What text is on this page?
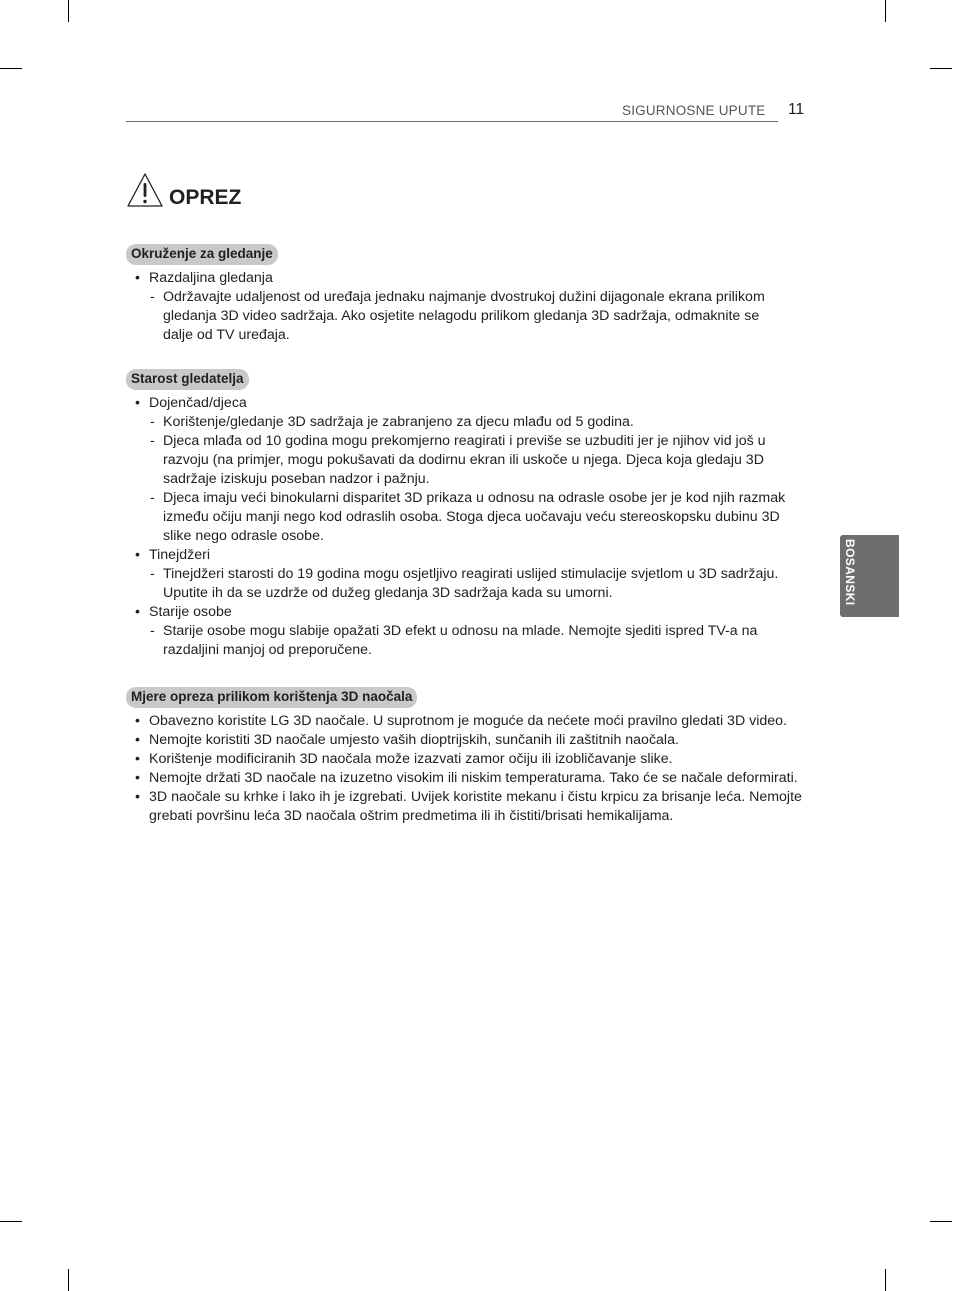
SIGURNOSNE UPUTE 11
OPREZ
Okruženje za gledanje
• Razdaljina gledanja
- Održavajte udaljenost od uređaja jednaku najmanje dvostrukoj dužini dijagonale ekrana prilikom gledanja 3D video sadržaja. Ako osjetite nelagodu prilikom gledanja 3D sadržaja, odmaknite se dalje od TV uređaja.
Starost gledatelja
• Dojenčad/djeca
- Korištenje/gledanje 3D sadržaja je zabranjeno za djecu mlađu od 5 godina.
- Djeca mlađa od 10 godina mogu prekomjerno reagirati i previše se uzbuditi jer je njihov vid još u razvoju (na primjer, mogu pokušavati da dodirnu ekran ili uskoče u njega. Djeca koja gledaju 3D sadržaje iziskuju poseban nadzor i pažnju.
- Djeca imaju veći binokularni disparitet 3D prikaza u odnosu na odrasle osobe jer je kod njih razmak između očiju manji nego kod odraslih osoba. Stoga djeca uočavaju veću stereoskopsku dubinu 3D slike nego odrasle osobe.
• Tinejdžeri
- Tinejdžeri starosti do 19 godina mogu osjetljivo reagirati uslijed stimulacije svjetlom u 3D sadržaju. Uputite ih da se uzdrže od dužeg gledanja 3D sadržaja kada su umorni.
• Starije osobe
- Starije osobe mogu slabije opažati 3D efekt u odnosu na mlade. Nemojte sjediti ispred TV-a na razdaljini manjoj od preporučene.
Mjere opreza prilikom korištenja 3D naočala
• Obavezno koristite LG 3D naočale. U suprotnom je moguće da nećete moći pravilno gledati 3D video.
• Nemojte koristiti 3D naočale umjesto vaših dioptrijskih, sunčanih ili zaštitnih naočala.
• Korištenje modificiranih 3D naočala može izazvati zamor očiju ili izobličavanje slike.
• Nemojte držati 3D naočale na izuzetno visokim ili niskim temperaturama. Tako će se načale deformirati.
• 3D naočale su krhke i lako ih je izgrebati. Uvijek koristite mekanu i čistu krpicu za brisanje leća. Nemojte grebati površinu leća 3D naočala oštrim predmetima ili ih čistiti/brisati hemikalijama.
BOSANSKI
